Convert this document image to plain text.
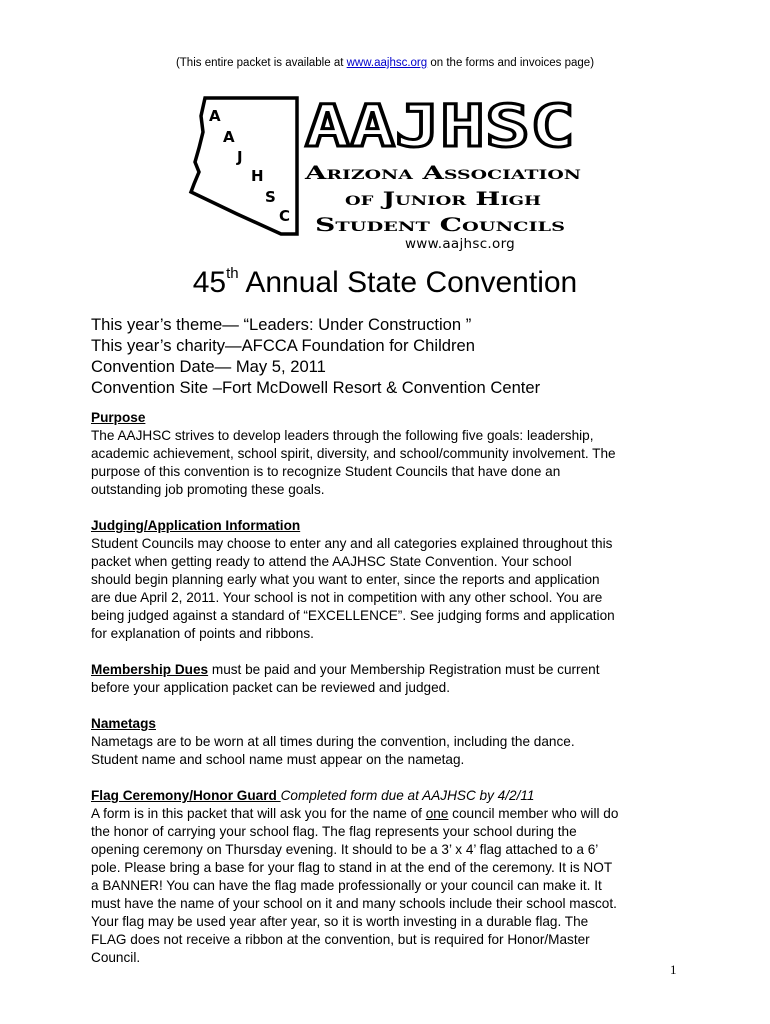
(This entire packet is available at www.aajhsc.org on the forms and invoices page)
A
A
J
H
S
C
AAJHSC
Arizona Association
of Junior High
Student Councils
www.aajhsc.org
45th Annual State Convention
This year’s theme— “Leaders: Under Construction ”
This year’s charity—AFCCA Foundation for Children
Convention Date— May 5, 2011
Convention Site –Fort McDowell Resort & Convention Center

Purpose

The AAJHSC strives to develop leaders through the following five goals: leadership,

academic achievement, school spirit, diversity, and school/community involvement. The

purpose of this convention is to recognize Student Councils that have done an

outstanding job promoting these goals.

Judging/Application Information

Student Councils may choose to enter any and all categories explained throughout this

packet when getting ready to attend the AAJHSC State Convention. Your school

should begin planning early what you want to enter, since the reports and application

are due April 2, 2011. Your school is not in competition with any other school. You are

being judged against a standard of “EXCELLENCE”. See judging forms and application

for explanation of points and ribbons.

Membership Dues must be paid and your Membership Registration must be current

before your application packet can be reviewed and judged.

Nametags

Nametags are to be worn at all times during the convention, including the dance.

Student name and school name must appear on the nametag.

Flag Ceremony/Honor Guard Completed form due at AAJHSC by 4/2/11

A form is in this packet that will ask you for the name of one council member who will do

the honor of carrying your school flag. The flag represents your school during the

opening ceremony on Thursday evening. It should to be a 3’ x 4’ flag attached to a 6’

pole. Please bring a base for your flag to stand in at the end of the ceremony. It is NOT

a BANNER! You can have the flag made professionally or your council can make it. It

must have the name of your school on it and many schools include their school mascot.

Your flag may be used year after year, so it is worth investing in a durable flag. The

FLAG does not receive a ribbon at the convention, but is required for Honor/Master

Council.

1
